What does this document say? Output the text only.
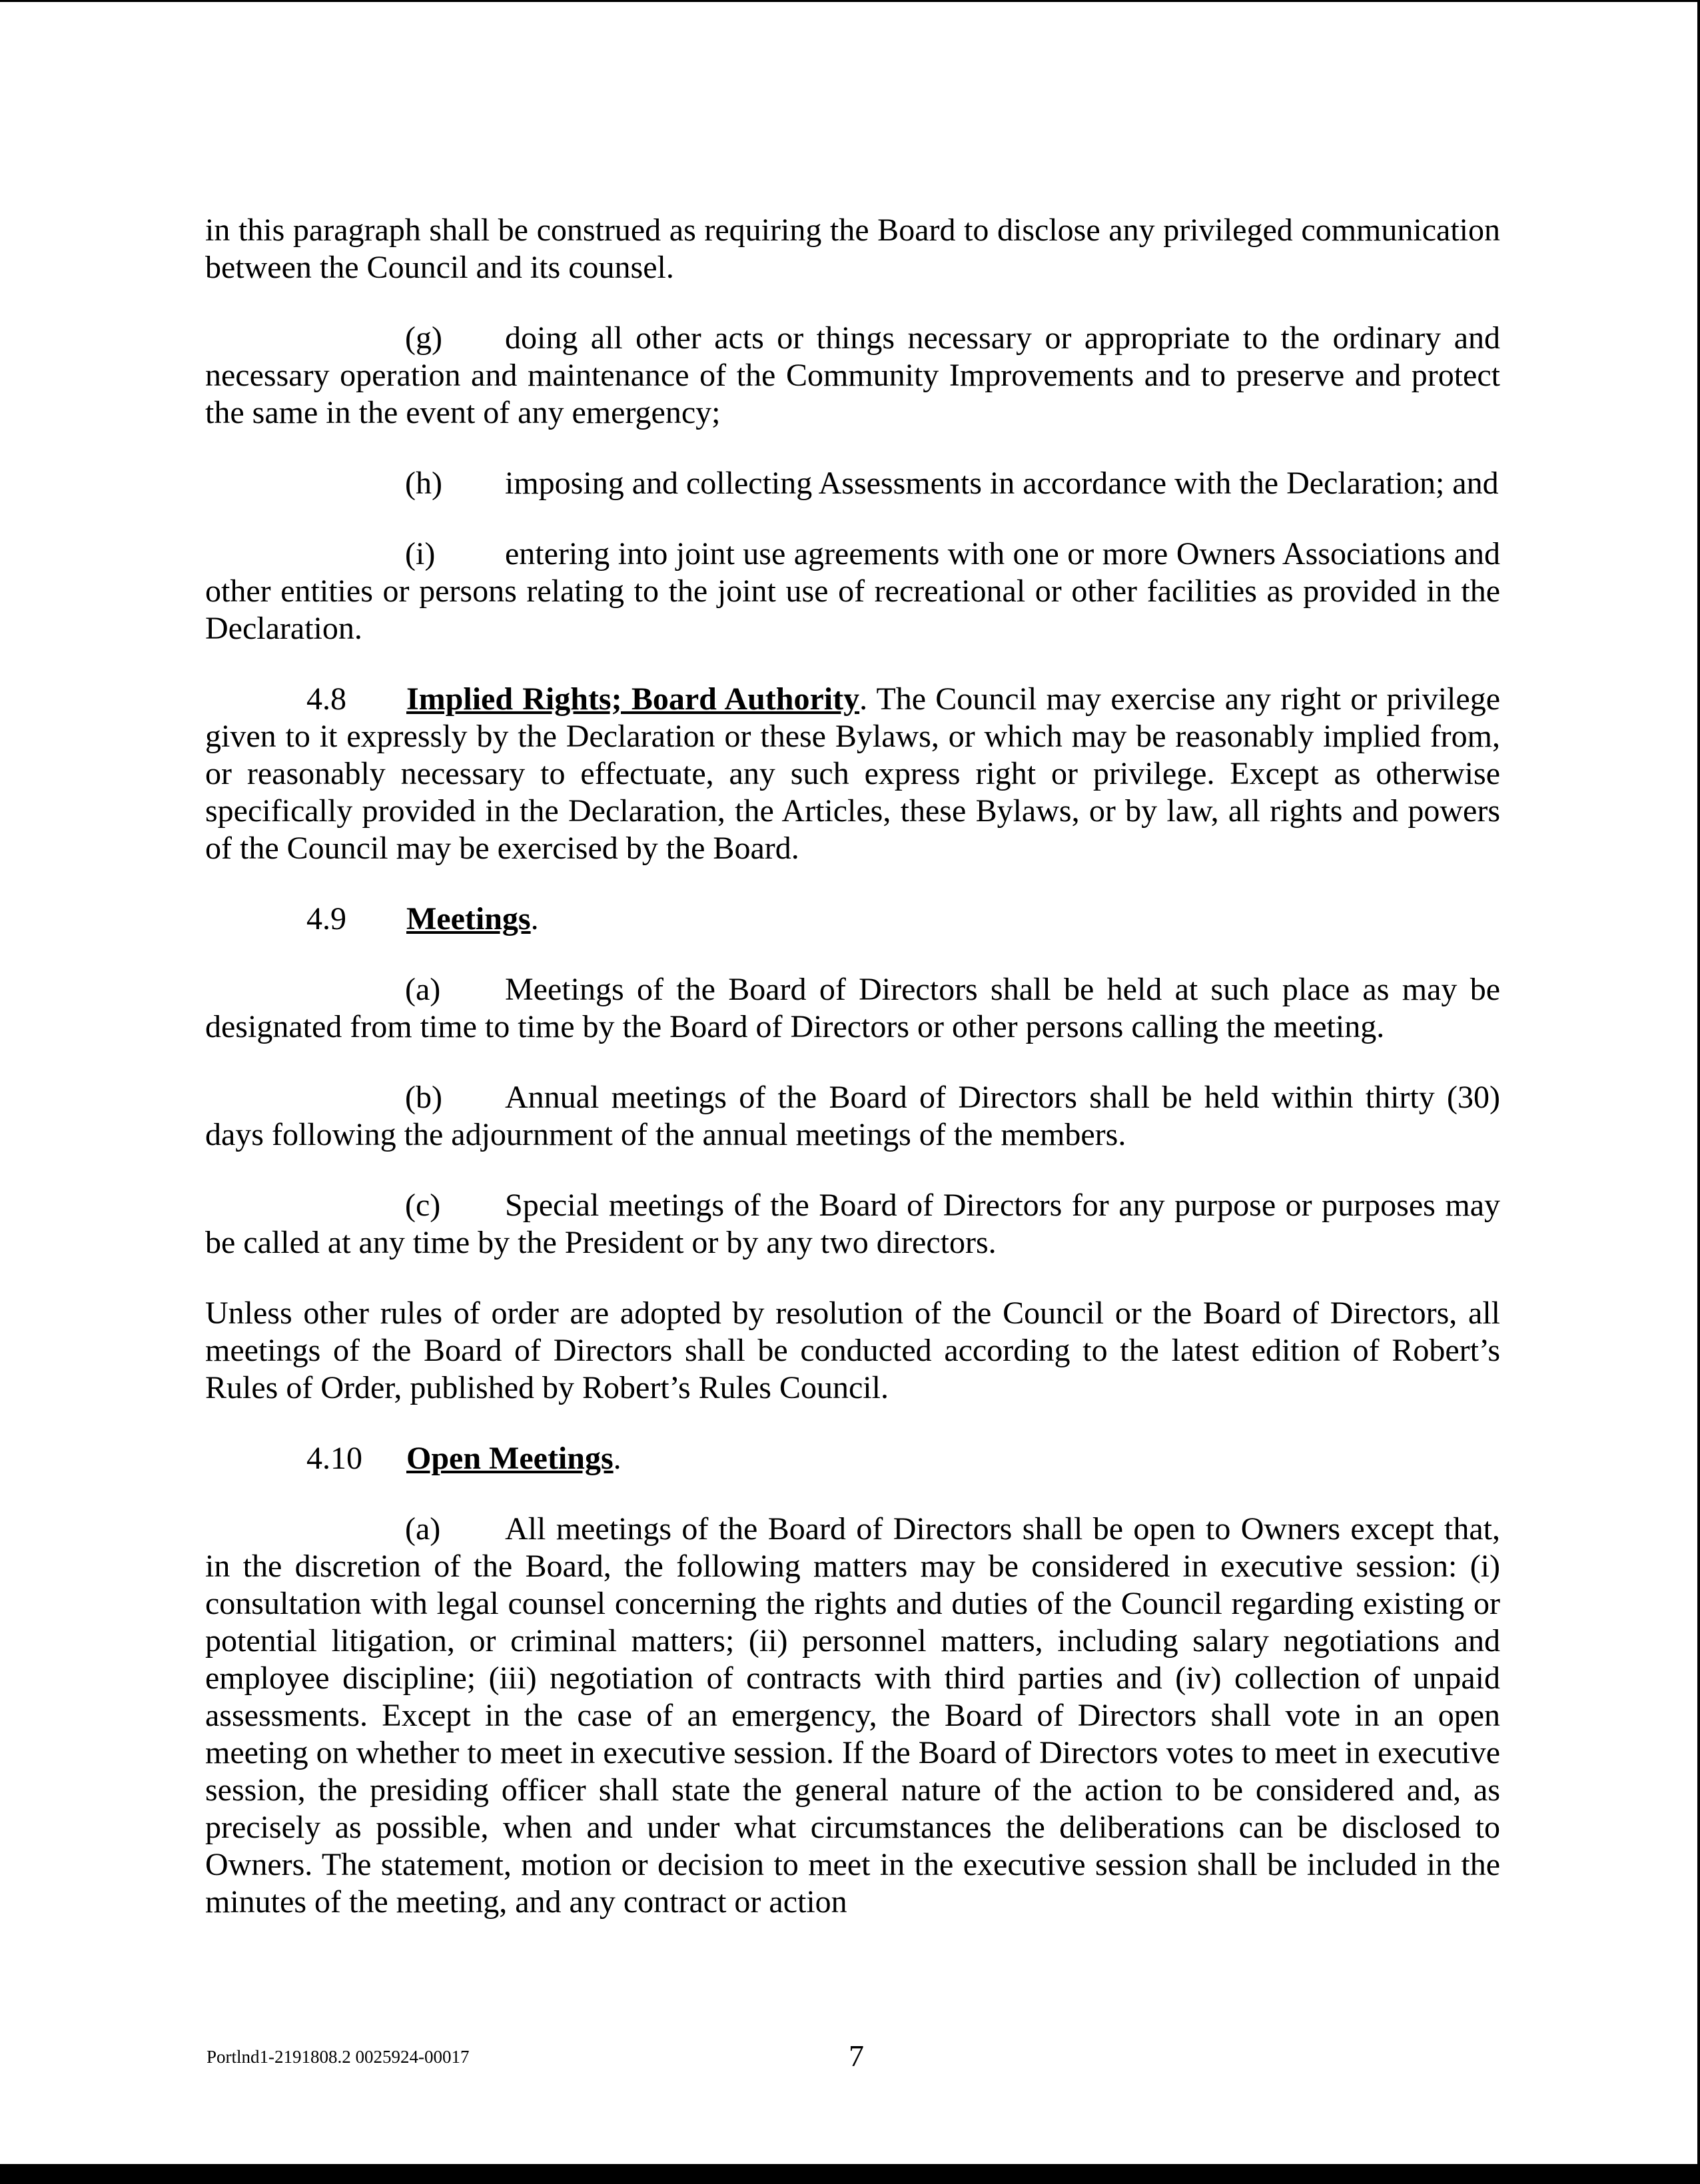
in this paragraph shall be construed as requiring the Board to disclose any privileged communication between the Council and its counsel.

(g) doing all other acts or things necessary or appropriate to the ordinary and necessary operation and maintenance of the Community Improvements and to preserve and protect the same in the event of any emergency;

(h) imposing and collecting Assessments in accordance with the Declaration; and

(i) entering into joint use agreements with one or more Owners Associations and other entities or persons relating to the joint use of recreational or other facilities as provided in the Declaration.

4.8 Implied Rights; Board Authority. The Council may exercise any right or privilege given to it expressly by the Declaration or these Bylaws, or which may be reasonably implied from, or reasonably necessary to effectuate, any such express right or privilege. Except as otherwise specifically provided in the Declaration, the Articles, these Bylaws, or by law, all rights and powers of the Council may be exercised by the Board.

4.9 Meetings.

(a) Meetings of the Board of Directors shall be held at such place as may be designated from time to time by the Board of Directors or other persons calling the meeting.

(b) Annual meetings of the Board of Directors shall be held within thirty (30) days following the adjournment of the annual meetings of the members.

(c) Special meetings of the Board of Directors for any purpose or purposes may be called at any time by the President or by any two directors.

Unless other rules of order are adopted by resolution of the Council or the Board of Directors, all meetings of the Board of Directors shall be conducted according to the latest edition of Robert’s Rules of Order, published by Robert’s Rules Council.

4.10 Open Meetings.

(a) All meetings of the Board of Directors shall be open to Owners except that, in the discretion of the Board, the following matters may be considered in executive session: (i) consultation with legal counsel concerning the rights and duties of the Council regarding existing or potential litigation, or criminal matters; (ii) personnel matters, including salary negotiations and employee discipline; (iii) negotiation of contracts with third parties and (iv) collection of unpaid assessments. Except in the case of an emergency, the Board of Directors shall vote in an open meeting on whether to meet in executive session. If the Board of Directors votes to meet in executive session, the presiding officer shall state the general nature of the action to be considered and, as precisely as possible, when and under what circumstances the deliberations can be disclosed to Owners. The statement, motion or decision to meet in the executive session shall be included in the minutes of the meeting, and any contract or action

Portlnd1-2191808.2 0025924-00017	7
